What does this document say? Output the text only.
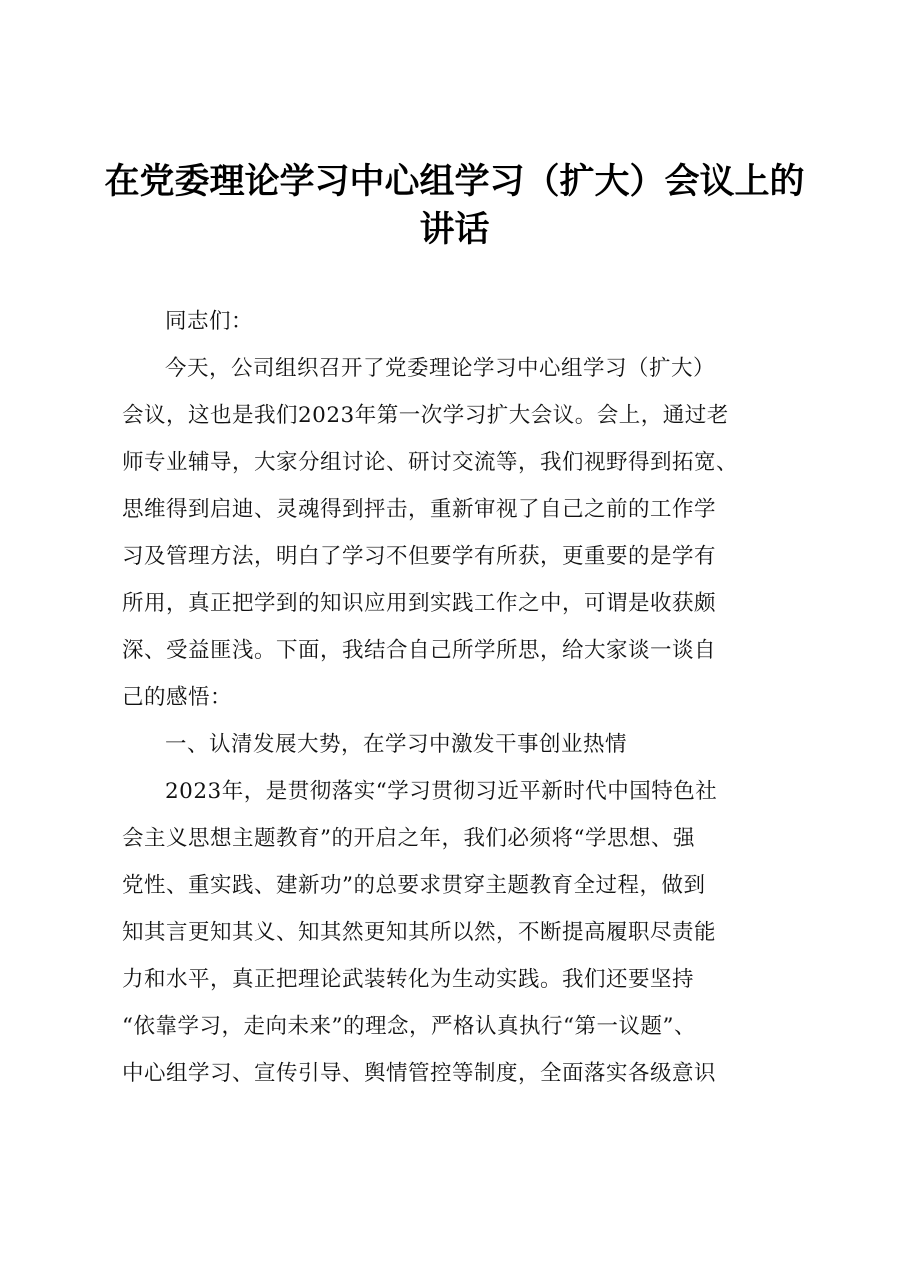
在党委理论学习中心组学习（扩大）会议上的
讲话
同志们：
今天，公司组织召开了党委理论学习中心组学习（扩大）
会议，这也是我们2023年第一次学习扩大会议。会上，通过老
师专业辅导，大家分组讨论、研讨交流等，我们视野得到拓宽、
思维得到启迪、灵魂得到抨击，重新审视了自己之前的工作学
习及管理方法，明白了学习不但要学有所获，更重要的是学有
所用，真正把学到的知识应用到实践工作之中，可谓是收获颇
深、受益匪浅。下面，我结合自己所学所思，给大家谈一谈自
己的感悟：
一、认清发展大势，在学习中激发干事创业热情
2023年，是贯彻落实“学习贯彻习近平新时代中国特色社
会主义思想主题教育”的开启之年，我们必须将“学思想、强
党性、重实践、建新功”的总要求贯穿主题教育全过程，做到
知其言更知其义、知其然更知其所以然，不断提高履职尽责能
力和水平，真正把理论武装转化为生动实践。我们还要坚持
“依靠学习，走向未来”的理念，严格认真执行“第一议题”、
中心组学习、宣传引导、舆情管控等制度，全面落实各级意识
